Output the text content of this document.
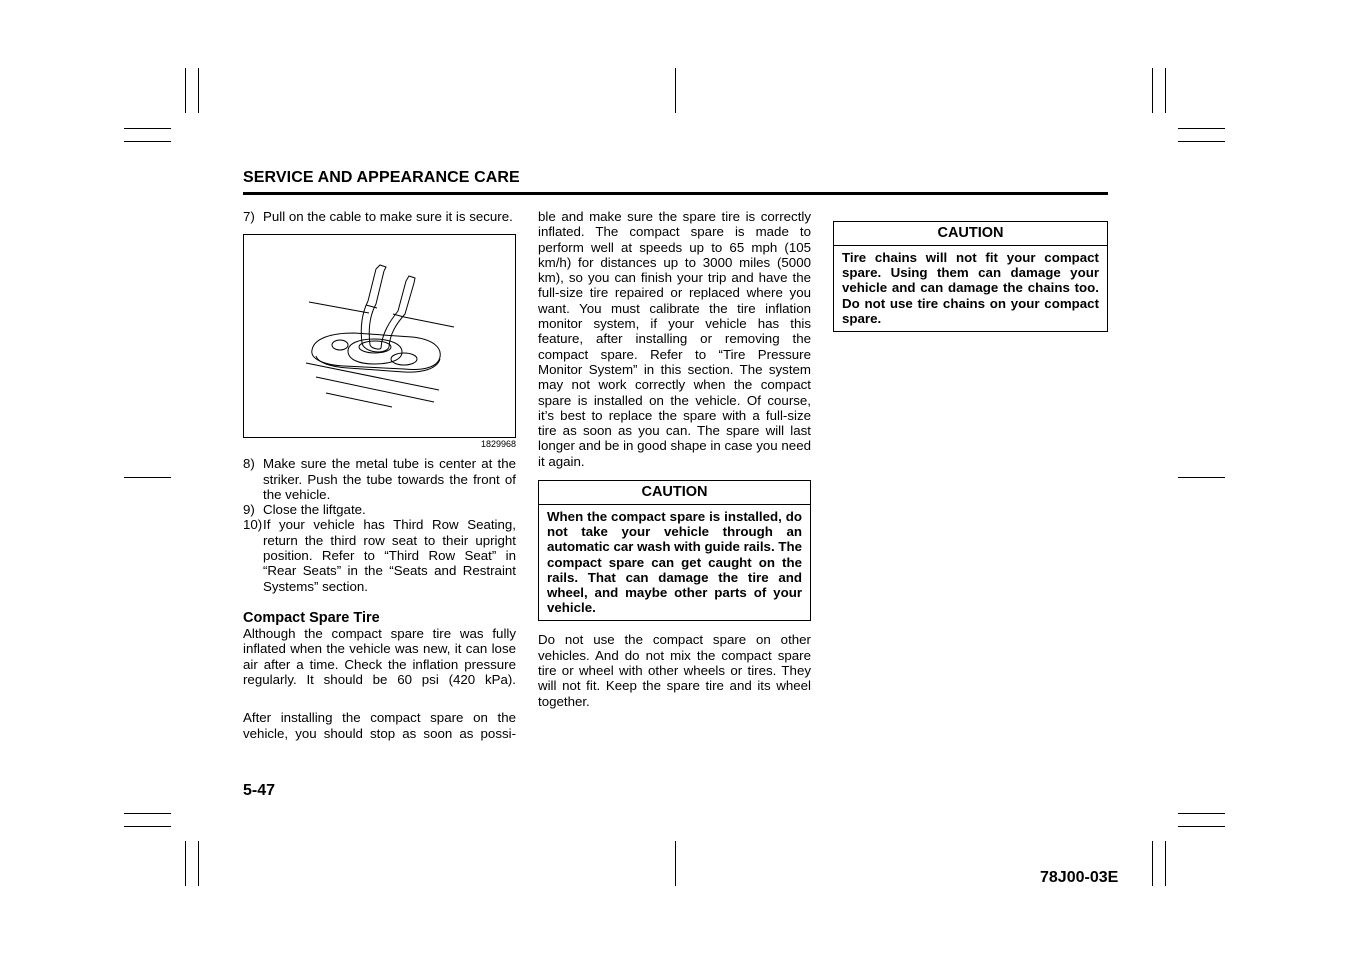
SERVICE AND APPEARANCE CARE
7) Pull on the cable to make sure it is secure.
1829968
8) Make sure the metal tube is center at the striker. Push the tube towards the front of the vehicle.
9) Close the liftgate.
10) If your vehicle has Third Row Seating, return the third row seat to their upright position. Refer to “Third Row Seat” in “Rear Seats” in the “Seats and Restraint Systems” section.
Compact Spare Tire

Although the compact spare tire was fully inflated when the vehicle was new, it can lose air after a time. Check the inflation pressure regularly. It should be 60 psi (420 kPa).

After installing the compact spare on the vehicle, you should stop as soon as possi-

ble and make sure the spare tire is correctly inflated. The compact spare is made to perform well at speeds up to 65 mph (105 km/h) for distances up to 3000 miles (5000 km), so you can finish your trip and have the full-size tire repaired or replaced where you want. You must calibrate the tire inflation monitor system, if your vehicle has this feature, after installing or removing the compact spare. Refer to “Tire Pressure Monitor System” in this section. The system may not work correctly when the compact spare is installed on the vehicle. Of course, it’s best to replace the spare with a full-size tire as soon as you can. The spare will last longer and be in good shape in case you need it again.

CAUTION
When the compact spare is installed, do not take your vehicle through an automatic car wash with guide rails. The compact spare can get caught on the rails. That can damage the tire and wheel, and maybe other parts of your vehicle.

Do not use the compact spare on other vehicles. And do not mix the compact spare tire or wheel with other wheels or tires. They will not fit. Keep the spare tire and its wheel together.

CAUTION
Tire chains will not fit your compact spare. Using them can damage your vehicle and can damage the chains too. Do not use tire chains on your compact spare.
5-47
78J00-03E
